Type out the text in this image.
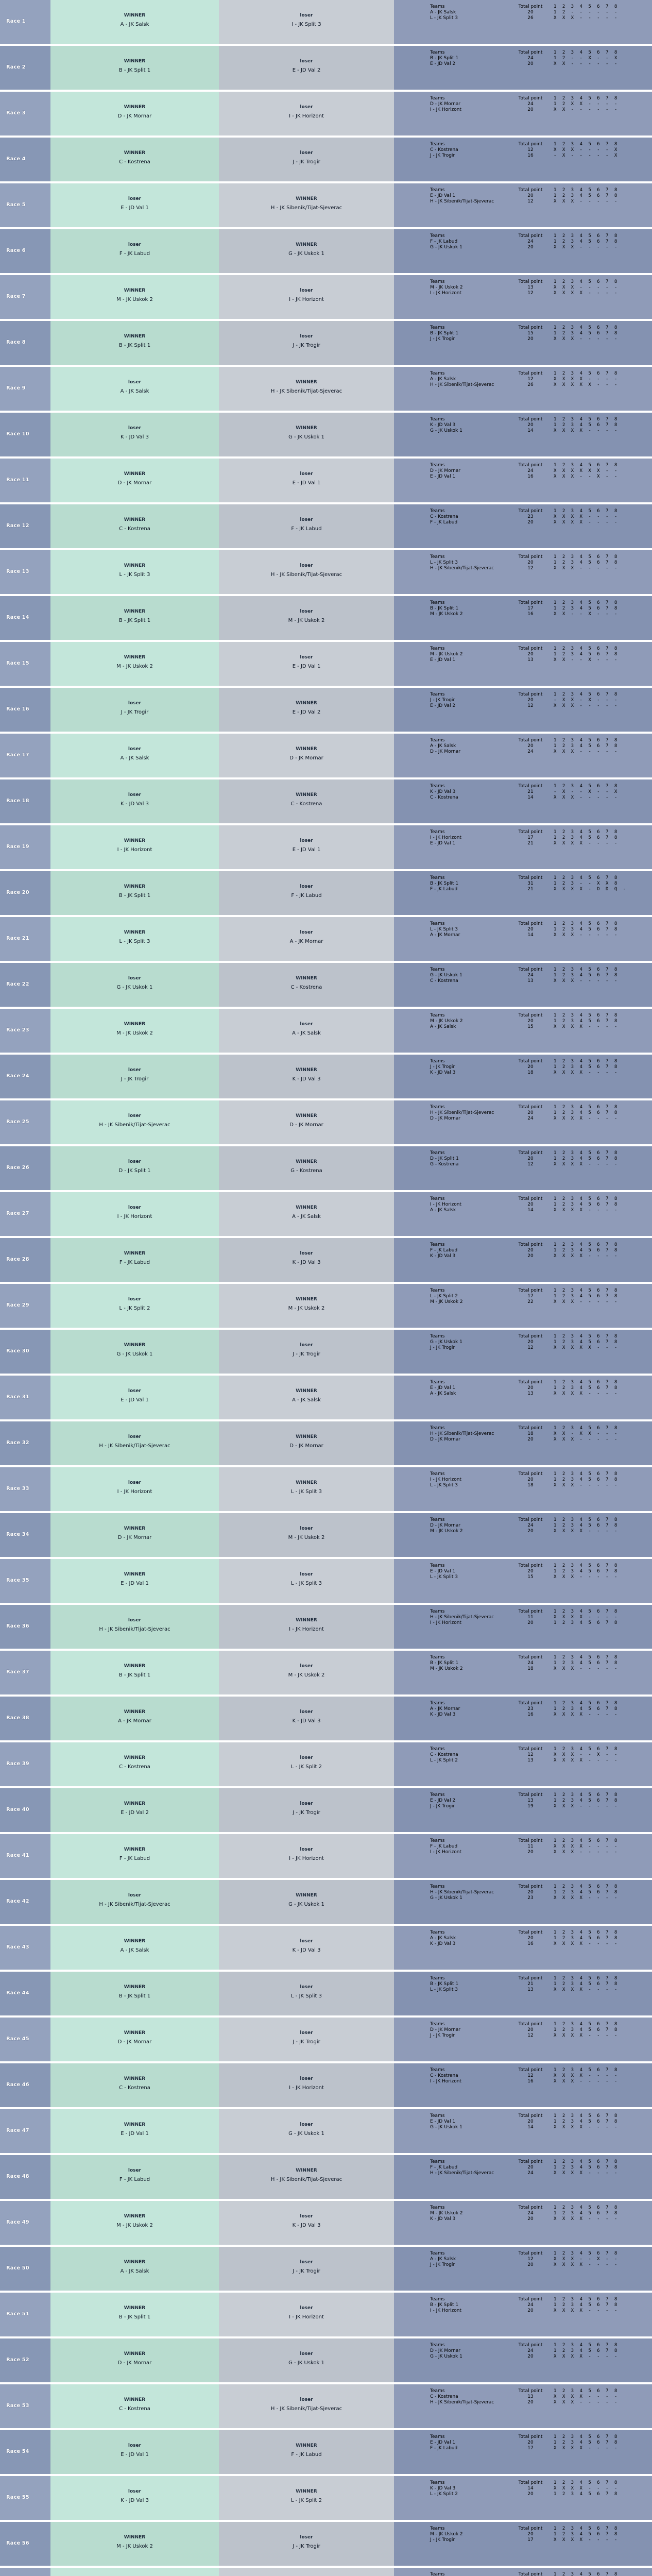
Race 1
WINNER
A - JK Salsk
loser
I - JK Split 3
Teams	Total point 1 2 3 4 5 6 7 8
A - JK Salsk	20	1 2 - - - - - -
L - JK Split 3	26	X X X - - - - -
Race 2
WINNER
B - JK Split 1
loser
E - JD Val 2
Teams	Total point 1 2 3 4 5 6 7 8
B - JK Split 1	24	1 2 - - X - - X
E - JD Val 2	20	X X - - - - - -
Race 3
WINNER
D - JK Mornar
loser
I - JK Horizont
Teams	Total point 1 2 3 4 5 6 7 8
D - JK Mornar	24	1 2 X X - - - -
I - JK Horizont	20	X X - - - - - -
Race 4
WINNER
C - Kostrena
loser
J - JK Trogir
Teams	Total point 1 2 3 4 5 6 7 8
C - Kostrena	12	X X X - - - - X
J - JK Trogir	16	- X - - - - - X
Race 5
loser
E - JD Val 1
WINNER
H - JK Sibenik/Tijat-Sjeverac
Teams	Total point 1 2 3 4 5 6 7 8
E - JD Val 1	20	1 2 3 4 5 6 7 8
H - JK Sibenik/Tijat-Sjeverac	12	X X X - - - - -
Race 6
loser
F - JK Labud
WINNER
G - JK Uskok 1
Teams	Total point 1 2 3 4 5 6 7 8
F - JK Labud	24	1 2 3 4 5 6 7 8
G - JK Uskok 1	20	X X X - - - - -
Race 7
WINNER
M - JK Uskok 2
loser
I - JK Horizont
Teams	Total point 1 2 3 4 5 6 7 8
M - JK Uskok 2	13	X X X - - - - -
I - JK Horizont	12	X X X X - - - -
Race 8
WINNER
B - JK Split 1
loser
J - JK Trogir
Teams	Total point 1 2 3 4 5 6 7 8
B - JK Split 1	15	1 2 3 4 5 6 7 8
J - JK Trogir	20	X X X - - - - -
Race 9
loser
A - JK Salsk
WINNER
H - JK Sibenik/Tijat-Sjeverac
Teams	Total point 1 2 3 4 5 6 7 8
A - JK Salsk	12	X X X X - - - -
H - JK Sibenik/Tijat-Sjeverac	26	X X X X X - - -
Race 10
loser
K - JD Val 3
WINNER
G - JK Uskok 1
Teams	Total point 1 2 3 4 5 6 7 8
K - JD Val 3	20	1 2 3 4 5 6 7 8
G - JK Uskok 1	14	X X X X - - - -
Race 11
WINNER
D - JK Mornar
loser
E - JD Val 1
Teams	Total point 1 2 3 4 5 6 7 8
D - JK Mornar	24	X X X X X X - -
E - JD Val 1	16	X X X - - X - -
Race 12
WINNER
C - Kostrena
loser
F - JK Labud
Teams	Total point 1 2 3 4 5 6 7 8
C - Kostrena	23	X X X X - - - -
F - JK Labud	20	X X X X - - - -
Race 13
WINNER
L - JK Split 3
loser
H - JK Sibenik/Tijat-Sjeverac
Teams	Total point 1 2 3 4 5 6 7 8
L - JK Split 3	20	1 2 3 4 5 6 7 8
H - JK Sibenik/Tijat-Sjeverac	12	X X X - - - - -
Race 14
WINNER
B - JK Split 1
loser
M - JK Uskok 2
Teams	Total point 1 2 3 4 5 6 7 8
B - JK Split 1	17	1 2 3 4 5 6 7 8
M - JK Uskok 2	16	X X - - X - - -
Race 15
WINNER
M - JK Uskok 2
loser
E - JD Val 1
Teams	Total point 1 2 3 4 5 6 7 8
M - JK Uskok 2	20	1 2 3 4 5 6 7 8
E - JD Val 1	13	X X - - X - - -
Race 16
loser
J - JK Trogir
WINNER
E - JD Val 2
Teams	Total point 1 2 3 4 5 6 7 8
J - JK Trogir	20	- X X - X - - -
E - JD Val 2	12	X X X - - - - -
Race 17
loser
A - JK Salsk
WINNER
D - JK Mornar
Teams	Total point 1 2 3 4 5 6 7 8
A - JK Salsk	20	1 2 3 4 5 6 7 8
D - JK Mornar	24	X X X - - - - -
Race 18
loser
K - JD Val 3
WINNER
C - Kostrena
Teams	Total point 1 2 3 4 5 6 7 8
K - JD Val 3	21	- X - - X - - X
C - Kostrena	14	X X X - - - - -
Race 19
WINNER
I - JK Horizont
loser
E - JD Val 1
Teams	Total point 1 2 3 4 5 6 7 8
I - JK Horizont	17	1 2 3 4 5 6 7 8
E - JD Val 1	21	X X X X - - - -
Race 20
WINNER
B - JK Split 1
loser
F - JK Labud
Teams	Total point 1 2 3 4 5 6 7 8
B - JK Split 1	31	1 2 3 - - X X 8
F - JK Labud	21	X X X X - D D Q -
Race 21
WINNER
L - JK Split 3
loser
A - JK Mornar
Teams	Total point 1 2 3 4 5 6 7 8
L - JK Split 3	20	1 2 3 4 5 6 7 8
A - JK Mornar	14	X X X - - - - -
Race 22
loser
G - JK Uskok 1
WINNER
C - Kostrena
Teams	Total point 1 2 3 4 5 6 7 8
G - JK Uskok 1	24	1 2 3 4 5 6 7 8
C - Kostrena	13	X X X - - - - -
Race 23
WINNER
M - JK Uskok 2
loser
A - JK Salsk
Teams	Total point 1 2 3 4 5 6 7 8
M - JK Uskok 2	20	1 2 3 4 5 6 7 8
A - JK Salsk	15	X X X X - - - -
Race 24
loser
J - JK Trogir
WINNER
K - JD Val 3
Teams	Total point 1 2 3 4 5 6 7 8
J - JK Trogir	20	1 2 3 4 5 6 7 8
K - JD Val 3	18	X X X X - - - -
Race 25
loser
H - JK Sibenik/Tijat-Sjeverac
WINNER
D - JK Mornar
Teams	Total point 1 2 3 4 5 6 7 8
H - JK Sibenik/Tijat-Sjeverac	20	1 2 3 4 5 6 7 8
D - JK Mornar	24	X X X X - - - -
Race 26
loser
D - JK Split 1
WINNER
G - Kostrena
Teams	Total point 1 2 3 4 5 6 7 8
D - JK Split 1	20	1 2 3 4 5 6 7 8
G - Kostrena	12	X X X X - - - -
Race 27
loser
I - JK Horizont
WINNER
A - JK Salsk
Teams	Total point 1 2 3 4 5 6 7 8
I - JK Horizont	20	1 2 3 4 5 6 7 8
A - JK Salsk	14	X X X X - - - -
Race 28
WINNER
F - JK Labud
loser
K - JD Val 3
Teams	Total point 1 2 3 4 5 6 7 8
F - JK Labud	20	1 2 3 4 5 6 7 8
K - JD Val 3	20	X X X X - - - -
Race 29
loser
L - JK Split 2
WINNER
M - JK Uskok 2
Teams	Total point 1 2 3 4 5 6 7 8
L - JK Split 2	17	1 2 3 4 5 6 7 8
M - JK Uskok 2	22	X X X - - - - -
Race 30
WINNER
G - JK Uskok 1
loser
J - JK Trogir
Teams	Total point 1 2 3 4 5 6 7 8
G - JK Uskok 1	20	1 2 3 4 5 6 7 8
J - JK Trogir	12	X X X X X - - -
Race 31
loser
E - JD Val 1
WINNER
A - JK Salsk
Teams	Total point 1 2 3 4 5 6 7 8
E - JD Val 1	20	1 2 3 4 5 6 7 8
A - JK Salsk	13	X X X X - - - -
Race 32
loser
H - JK Sibenik/Tijat-Sjeverac
WINNER
D - JK Mornar
Teams	Total point 1 2 3 4 5 6 7 8
H - JK Sibenik/Tijat-Sjeverac	18	X X - X X - - -
D - JK Mornar	20	X X X - - - - -
Race 33
loser
I - JK Horizont
WINNER
L - JK Split 3
Teams	Total point 1 2 3 4 5 6 7 8
I - JK Horizont	20	1 2 3 4 5 6 7 8
L - JK Split 3	18	X X X - - - - -
Race 34
WINNER
D - JK Mornar
loser
M - JK Uskok 2
Teams	Total point 1 2 3 4 5 6 7 8
D - JK Mornar	24	1 2 3 4 5 6 7 8
M - JK Uskok 2	20	X X X X - - - -
Race 35
WINNER
E - JD Val 1
loser
L - JK Split 3
Teams	Total point 1 2 3 4 5 6 7 8
E - JD Val 1	20	1 2 3 4 5 6 7 8
L - JK Split 3	15	X X X - - - - -
Race 36
loser
H - JK Sibenik/Tijat-Sjeverac
WINNER
I - JK Horizont
Teams	Total point 1 2 3 4 5 6 7 8
H - JK Sibenik/Tijat-Sjeverac	11	X X X X - - - -
I - JK Horizont	20	1 2 3 4 5 6 7 8
Race 37
WINNER
B - JK Split 1
loser
M - JK Uskok 2
Teams	Total point 1 2 3 4 5 6 7 8
B - JK Split 1	24	1 2 3 4 5 6 7 8
M - JK Uskok 2	18	X X X - - - - -
Race 38
WINNER
A - JK Mornar
loser
K - JD Val 3
Teams	Total point 1 2 3 4 5 6 7 8
A - JK Mornar	23	1 2 3 4 5 6 7 8
K - JD Val 3	16	X X X X - - - -
Race 39
WINNER
C - Kostrena
loser
L - JK Split 2
Teams	Total point 1 2 3 4 5 6 7 8
C - Kostrena	12	X X X - - X - -
L - JK Split 2	13	X X X X - - - -
Race 40
WINNER
E - JD Val 2
loser
J - JK Trogir
Teams	Total point 1 2 3 4 5 6 7 8
E - JD Val 2	13	1 2 3 4 5 6 7 8
J - JK Trogir	19	X X X - - - - -
Race 41
WINNER
F - JK Labud
loser
I - JK Horizont
Teams	Total point 1 2 3 4 5 6 7 8
F - JK Labud	11	X X X X - - - -
I - JK Horizont	20	X X X - - - - -
Race 42
loser
H - JK Sibenik/Tijat-Sjeverac
WINNER
G - JK Uskok 1
Teams	Total point 1 2 3 4 5 6 7 8
H - JK Sibenik/Tijat-Sjeverac	20	1 2 3 4 5 6 7 8
G - JK Uskok 1	23	X X X X - - - -
Race 43
WINNER
A - JK Salsk
loser
K - JD Val 3
Teams	Total point 1 2 3 4 5 6 7 8
A - JK Salsk	20	1 2 3 4 5 6 7 8
K - JD Val 3	16	X X X X - - - -
Race 44
WINNER
B - JK Split 1
loser
L - JK Split 3
Teams	Total point 1 2 3 4 5 6 7 8
B - JK Split 1	21	1 2 3 4 5 6 7 8
L - JK Split 3	13	X X X X - - - -
Race 45
WINNER
D - JK Mornar
loser
J - JK Trogir
Teams	Total point 1 2 3 4 5 6 7 8
D - JK Mornar	20	1 2 3 4 5 6 7 8
J - JK Trogir	12	X X X X - - - -
Race 46
WINNER
C - Kostrena
loser
I - JK Horizont
Teams	Total point 1 2 3 4 5 6 7 8
C - Kostrena	12	X X X X - - - -
I - JK Horizont	16	X X X - - - - -
Race 47
WINNER
E - JD Val 1
loser
G - JK Uskok 1
Teams	Total point 1 2 3 4 5 6 7 8
E - JD Val 1	20	1 2 3 4 5 6 7 8
G - JK Uskok 1	14	X X X X - - - -
Race 48
loser
F - JK Labud
WINNER
H - JK Sibenik/Tijat-Sjeverac
Teams	Total point 1 2 3 4 5 6 7 8
F - JK Labud	20	1 2 3 4 5 6 7 8
H - JK Sibenik/Tijat-Sjeverac	24	X X X X - - - -
Race 49
WINNER
M - JK Uskok 2
loser
K - JD Val 3
Teams	Total point 1 2 3 4 5 6 7 8
M - JK Uskok 2	24	1 2 3 4 5 6 7 8
K - JD Val 3	20	X X X X - - - -
Race 50
WINNER
A - JK Salsk
loser
J - JK Trogir
Teams	Total point 1 2 3 4 5 6 7 8
A - JK Salsk	12	X X X - - X - -
J - JK Trogir	20	X X X X - - - -
Race 51
WINNER
B - JK Split 1
loser
I - JK Horizont
Teams	Total point 1 2 3 4 5 6 7 8
B - JK Split 1	24	1 2 3 4 5 6 7 8
I - JK Horizont	20	X X X X - - - -
Race 52
WINNER
D - JK Mornar
loser
G - JK Uskok 1
Teams	Total point 1 2 3 4 5 6 7 8
D - JK Mornar	24	1 2 3 4 5 6 7 8
G - JK Uskok 1	20	X X X X - - - -
Race 53
WINNER
C - Kostrena
loser
H - JK Sibenik/Tijat-Sjeverac
Teams	Total point 1 2 3 4 5 6 7 8
C - Kostrena	13	X X X X - - - -
H - JK Sibenik/Tijat-Sjeverac	20	X X X - - - - -
Race 54
loser
E - JD Val 1
WINNER
F - JK Labud
Teams	Total point 1 2 3 4 5 6 7 8
E - JD Val 1	20	1 2 3 4 5 6 7 8
F - JK Labud	17	X X X X - - - -
Race 55
loser
K - JD Val 3
WINNER
L - JK Split 2
Teams	Total point 1 2 3 4 5 6 7 8
K - JD Val 3	14	X X X X - - - -
L - JK Split 2	20	1 2 3 4 5 6 7 8
Race 56
WINNER
M - JK Uskok 2
loser
J - JK Trogir
Teams	Total point 1 2 3 4 5 6 7 8
M - JK Uskok 2	20	1 2 3 4 5 6 7 8
J - JK Trogir	17	X X X X - - - -
Teams	Total point 1 2 3 4 5 6 7 8
